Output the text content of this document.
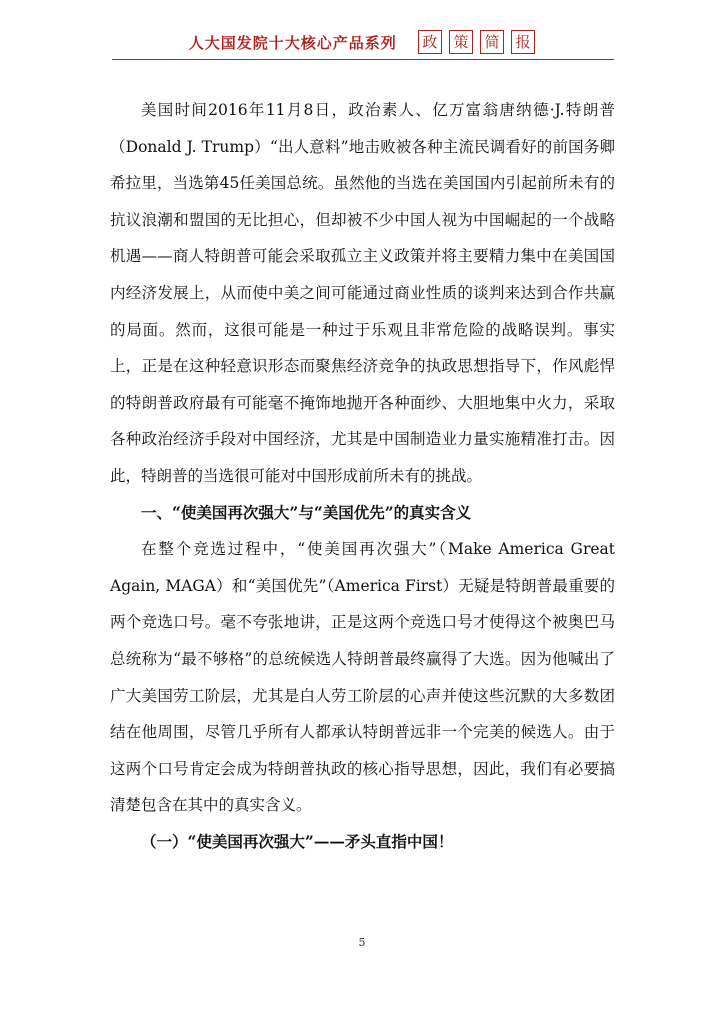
人大国发院十大核心产品系列 政 策 简 报

美国时间2016年11月8日，政治素人、亿万富翁唐纳德·J.特朗普（Donald J. Trump）“出人意料”地击败被各种主流民调看好的前国务卿希拉里，当选第45任美国总统。虽然他的当选在美国国内引起前所未有的抗议浪潮和盟国的无比担心，但却被不少中国人视为中国崛起的一个战略机遇——商人特朗普可能会采取孤立主义政策并将主要精力集中在美国国内经济发展上，从而使中美之间可能通过商业性质的谈判来达到合作共赢的局面。然而，这很可能是一种过于乐观且非常危险的战略误判。事实上，正是在这种轻意识形态而聚焦经济竞争的执政思想指导下，作风彪悍的特朗普政府最有可能毫不掩饰地抛开各种面纱、大胆地集中火力，采取各种政治经济手段对中国经济，尤其是中国制造业力量实施精准打击。因此，特朗普的当选很可能对中国形成前所未有的挑战。

一、“使美国再次强大”与“美国优先”的真实含义

在整个竞选过程中，“使美国再次强大”（Make America Great Again, MAGA）和“美国优先”（America First）无疑是特朗普最重要的两个竞选口号。毫不夸张地讲，正是这两个竞选口号才使得这个被奥巴马总统称为“最不够格”的总统候选人特朗普最终赢得了大选。因为他喊出了广大美国劳工阶层，尤其是白人劳工阶层的心声并使这些沉默的大多数团结在他周围，尽管几乎所有人都承认特朗普远非一个完美的候选人。由于这两个口号肯定会成为特朗普执政的核心指导思想，因此，我们有必要搞清楚包含在其中的真实含义。

（一）“使美国再次强大”——矛头直指中国！

5
